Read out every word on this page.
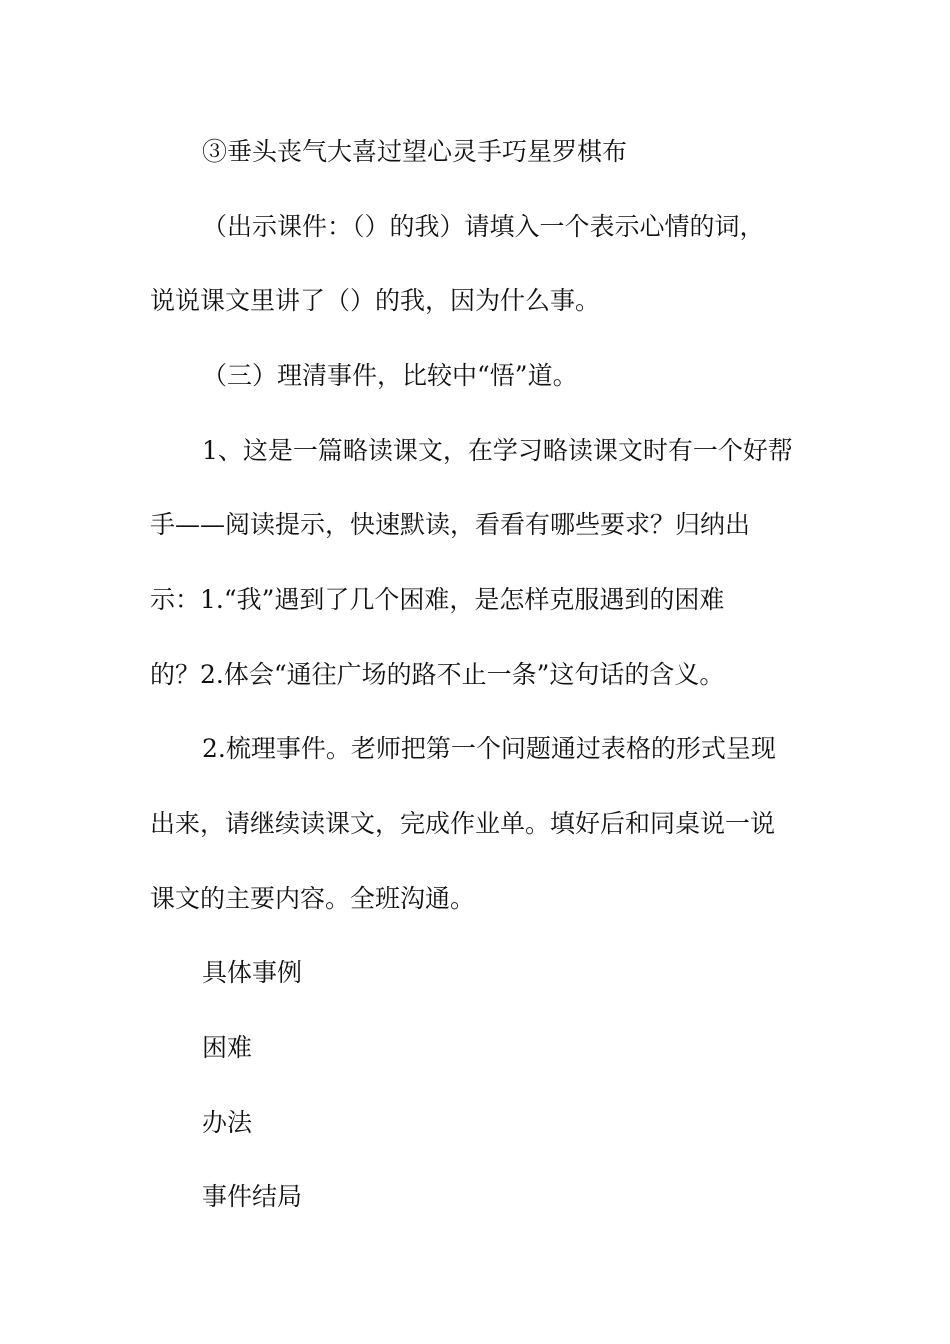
③垂头丧气大喜过望心灵手巧星罗棋布
（出示课件：（）的我）请填入一个表示心情的词，
说说课文里讲了（）的我，因为什么事。
（三）理清事件，比较中“悟”道。
1、这是一篇略读课文，在学习略读课文时有一个好帮
手——阅读提示，快速默读，看看有哪些要求？归纳出
示：1.“我”遇到了几个困难，是怎样克服遇到的困难
的？2.体会“通往广场的路不止一条”这句话的含义。
2.梳理事件。老师把第一个问题通过表格的形式呈现
出来，请继续读课文，完成作业单。填好后和同桌说一说
课文的主要内容。全班沟通。
具体事例
困难
办法
事件结局
